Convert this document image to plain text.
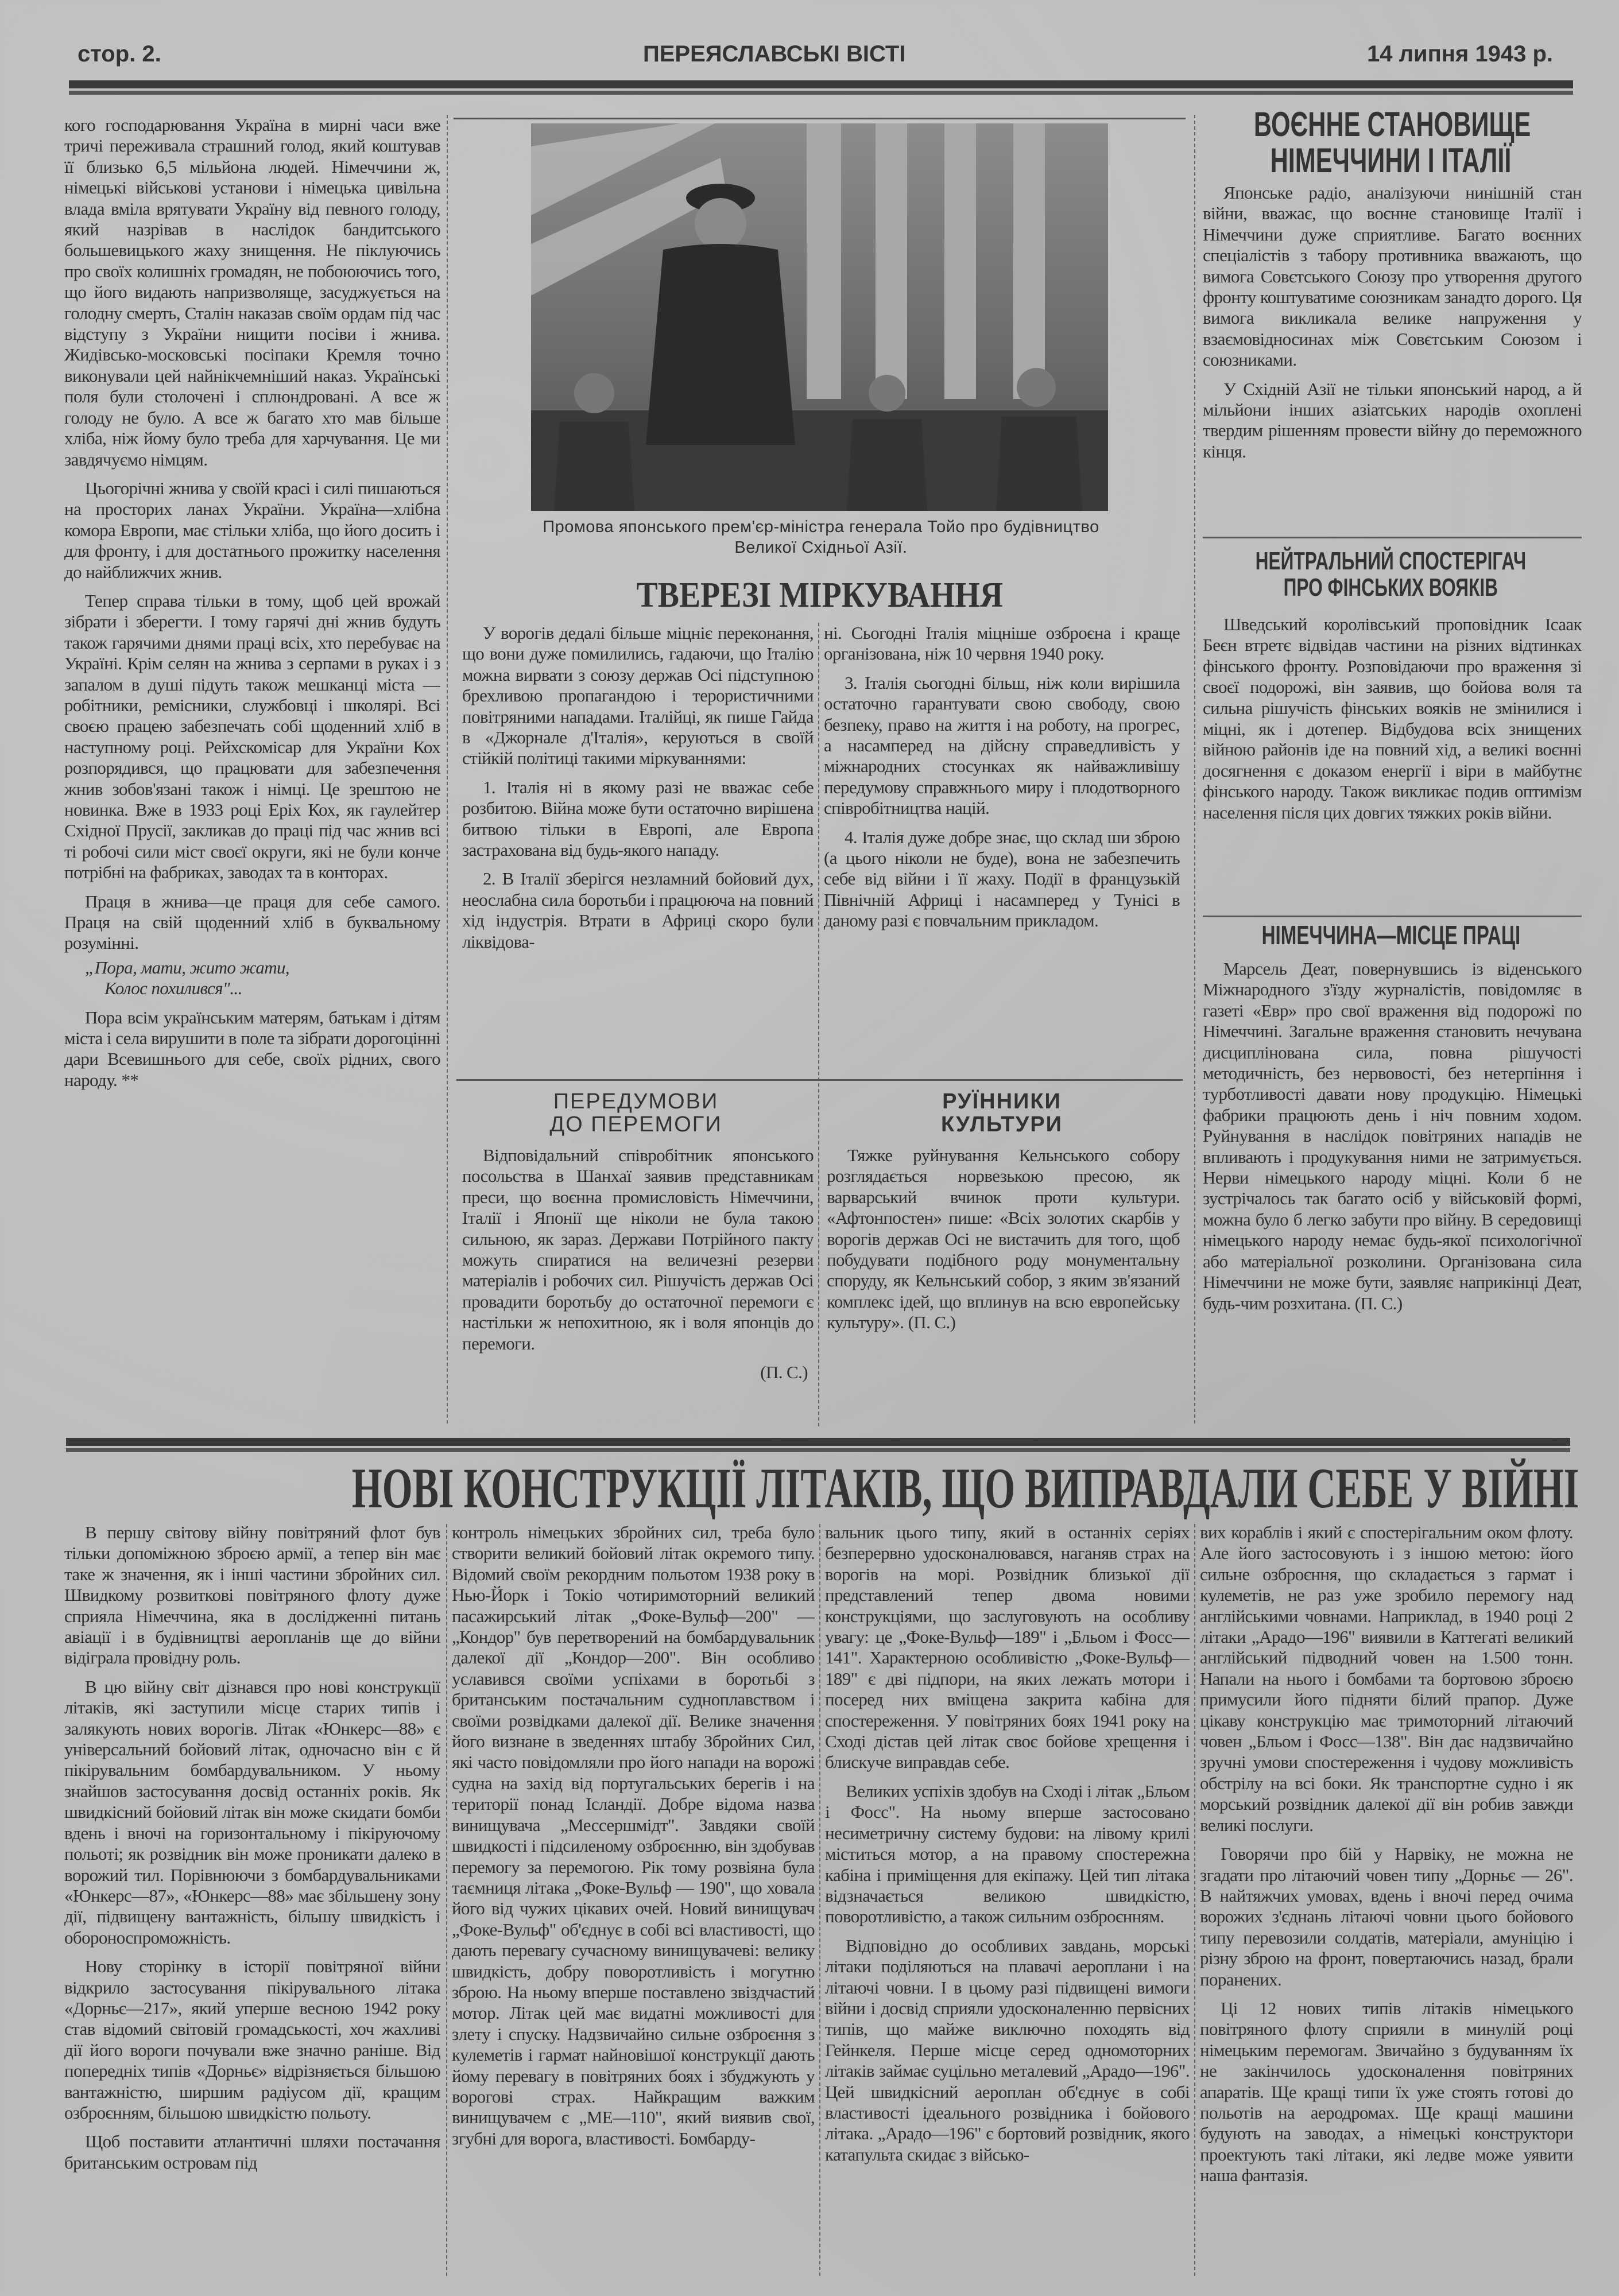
стор. 2.	ПЕРЕЯСЛАВСЬКІ ВІСТІ	14 липня 1943 р.

кого господарювання Україна в мирні часи вже тричі переживала страшний голод, який коштував її близько 6,5 мільйона людей. Німеччини ж, німецькі військові установи і німецька цивільна влада вміла врятувати Україну від певного голоду, який назрівав в наслідок бандитського большевицького жаху знищення. Не піклуючись про своїх колишніх громадян, не побоюючись того, що його видають напризволяще, засуджується на голодну смерть, Сталін наказав своїм ордам під час відступу з України нищити посіви і жнива. Жидівсько-московські посіпаки Кремля точно виконували цей найнікчемніший наказ. Українські поля були столочені і сплюндровані. А все ж голоду не було. А все ж багато хто мав більше хліба, ніж йому було треба для харчування. Це ми завдячуємо німцям.

Цьогорічні жнива у своїй красі і силі пишаються на просторих ланах України. Україна—хлібна комора Европи, має стільки хліба, що його досить і для фронту, і для достатнього прожитку населення до найближчих жнив.

Тепер справа тільки в тому, щоб цей врожай зібрати і зберегти. І тому гарячі дні жнив будуть також гарячими днями праці всіх, хто перебуває на Україні. Крім селян на жнива з серпами в руках і з запалом в душі підуть також мешканці міста — робітники, ремісники, службовці і школярі. Всі своєю працею забезпечать собі щоденний хліб в наступному році. Рейхскомісар для України Кох розпорядився, що працювати для забезпечення жнив зобов'язані також і німці. Це зрештою не новинка. Вже в 1933 році Еріх Кох, як гаулейтер Східної Прусії, закликав до праці під час жнив всі ті робочі сили міст своєї округи, які не були конче потрібні на фабриках, заводах та в конторах.

Праця в жнива—це праця для себе самого. Праця на свій щоденний хліб в буквальному розумінні.

„Пора, мати, жито жати,

Колос похилився"...

Пора всім українським матерям, батькам і дітям міста і села вирушити в поле та зібрати дорогоцінні дари Всевишнього для себе, своїх рідних, свого народу. **

Промова японського прем'єр-міністра генерала Тойо про будівництво Великої Східньої Азії.
ТВЕРЕЗІ МІРКУВАННЯ

У ворогів дедалі більше міцніє переконання, що вони дуже помилились, гадаючи, що Італію можна вирвати з союзу держав Осі підступною брехливою пропагандою і терористичними повітряними нападами. Італійці, як пише Гайда в «Джорнале д'Італія», керуються в своїй стійкій політиці такими міркуваннями:

1. Італія ні в якому разі не вважає себе розбитою. Війна може бути остаточно вирішена битвою тільки в Европі, але Европа застрахована від будь-якого нападу.

2. В Італії зберігся незламний бойовий дух, неослабна сила боротьби і працююча на повний хід індустрія. Втрати в Африці скоро були ліквідова-

ні. Сьогодні Італія міцніше озброєна і краще організована, ніж 10 червня 1940 року.

3. Італія сьогодні більш, ніж коли вирішила остаточно гарантувати свою свободу, свою безпеку, право на життя і на роботу, на прогрес, а насамперед на дійсну справедливість у міжнародних стосунках як найважливішу передумову справжнього миру і плодотворного співробітництва націй.

4. Італія дуже добре знає, що склад ши зброю (а цього ніколи не буде), вона не забезпечить себе від війни і її жаху. Події в французькій Північній Африці і насамперед у Тунісі в даному разі є повчальним прикладом.

ПЕРЕДУМОВИ
ДО ПЕРЕМОГИ

Відповідальний співробітник японського посольства в Шанхаї заявив представникам преси, що воєнна промисловість Німеччини, Італії і Японії ще ніколи не була такою сильною, як зараз. Держави Потрійного пакту можуть спиратися на величезні резерви матеріалів і робочих сил. Рішучість держав Осі провадити боротьбу до остаточної перемоги є настільки ж непохитною, як і воля японців до перемоги.

(П. С.)
РУЇННИКИ
КУЛЬТУРИ

Тяжке руйнування Кельнського собору розглядається норвезькою пресою, як варварський вчинок проти культури. «Афтонпостен» пише: «Всіх золотих скарбів у ворогів держав Осі не вистачить для того, щоб побудувати подібного роду монументальну споруду, як Кельнський собор, з яким зв'язаний комплекс ідей, що вплинув на всю европейську культуру». (П. С.)

ВОЄННЕ СТАНОВИЩЕ
НІМЕЧЧИНИ І ІТАЛІЇ

Японське радіо, аналізуючи нинішній стан війни, вважає, що воєнне становище Італії і Німеччини дуже сприятливе. Багато воєнних спеціалістів з табору противника вважають, що вимога Совєтського Союзу про утворення другого фронту коштуватиме союзникам занадто дорого. Ця вимога викликала велике напруження у взаємовідносинах між Совєтським Союзом і союзниками.

У Східній Азії не тільки японський народ, а й мільйони інших азіатських народів охоплені твердим рішенням провести війну до переможного кінця.

НЕЙТРАЛЬНИЙ СПОСТЕРІГАЧ
ПРО ФІНСЬКИХ ВОЯКІВ

Шведський королівський проповідник Ісаак Беєн втретє відвідав частини на різних відтинках фінського фронту. Розповідаючи про враження зі своєї подорожі, він заявив, що бойова воля та сильна рішучість фінських вояків не змінилися і міцні, як і дотепер. Відбудова всіх знищених війною районів іде на повний хід, а великі воєнні досягнення є доказом енергії і віри в майбутнє фінського народу. Також викликає подив оптимізм населення після цих довгих тяжких років війни.

НІМЕЧЧИНА—МІСЦЕ ПРАЦІ

Марсель Деат, повернувшись із віденського Міжнародного з'їзду журналістів, повідомляє в газеті «Евр» про свої враження від подорожі по Німеччині. Загальне враження становить нечувана дисциплінована сила, повна рішучості методичність, без нервовості, без нетерпіння і турботливості давати нову продукцію. Німецькі фабрики працюють день і ніч повним ходом. Руйнування в наслідок повітряних нападів не впливають і продукування ними не затримується. Нерви німецького народу міцні. Коли б не зустрічалось так багато осіб у військовій формі, можна було б легко забути про війну. В середовищі німецького народу немає будь-якої психологічної або матеріальної розколини. Організована сила Німеччини не може бути, заявляє наприкінці Деат, будь-чим розхитана. (П. С.)

НОВІ КОНСТРУКЦІЇ ЛІТАКІВ, ЩО ВИПРАВДАЛИ СЕБЕ У ВІЙНІ

В першу світову війну повітряний флот був тільки допоміжною зброєю армії, а тепер він має таке ж значення, як і інші частини збройних сил. Швидкому розвиткові повітряного флоту дуже сприяла Німеччина, яка в дослідженні питань авіації і в будівництві аеропланів ще до війни відіграла провідну роль.

В цю війну світ дізнався про нові конструкції літаків, які заступили місце старих типів і залякують нових ворогів. Літак «Юнкерс—88» є універсальний бойовий літак, одночасно він є й пікірувальним бомбардувальником. У ньому знайшов застосування досвід останніх років. Як швидкісний бойовий літак він може скидати бомби вдень і вночі на горизонтальному і пікіруючому польоті; як розвідник він може проникати далеко в ворожий тил. Порівнюючи з бомбардувальниками «Юнкерс—87», «Юнкерс—88» має збільшену зону дії, підвищену вантажність, більшу швидкість і обороноспроможність.

Нову сторінку в історії повітряної війни відкрило застосування пікірувального літака «Дорньє—217», який уперше весною 1942 року став відомий світовій громадськості, хоч жахливі дії його вороги почували вже значно раніше. Від попередніх типів «Дорньє» відрізняється більшою вантажністю, ширшим радіусом дії, кращим озброєнням, більшою швидкістю польоту.

Щоб поставити атлантичні шляхи постачання британським островам під

контроль німецьких збройних сил, треба було створити великий бойовий літак окремого типу. Відомий своїм рекордним польотом 1938 року в Нью-Йорк і Токіо чотиримоторний великий пасажирський літак „Фоке-Вульф—200" — „Кондор" був перетворений на бомбардувальник далекої дії „Кондор—200". Він особливо уславився своїми успіхами в боротьбі з британським постачальним судноплавством і своїми розвідками далекої дії. Велике значення його визнане в зведеннях штабу Збройних Сил, які часто повідомляли про його напади на ворожі судна на захід від португальських берегів і на території понад Ісландії. Добре відома назва винищувача „Мессершмідт". Завдяки своїй швидкості і підсиленому озброєнню, він здобував перемогу за перемогою. Рік тому розвіяна була таємниця літака „Фоке-Вульф — 190", що ховала його від чужих цікавих очей. Новий винищувач „Фоке-Вульф" об'єднує в собі всі властивості, що дають перевагу сучасному винищувачеві: велику швидкість, добру поворотливість і могутню зброю. На ньому вперше поставлено звіздчастий мотор. Літак цей має видатні можливості для злету і спуску. Надзвичайно сильне озброєння з кулеметів і гармат найновішої конструкції дають йому перевагу в повітряних боях і збуджують у ворогові страх. Найкращим важким винищувачем є „МЕ—110", який виявив свої, згубні для ворога, властивості. Бомбарду-

вальник цього типу, який в останніх серіях безперервно удосконалювався, наганяв страх на ворогів на морі. Розвідник близької дії представлений тепер двома новими конструкціями, що заслуговують на особливу увагу: це „Фоке-Вульф—189" і „Бльом і Фосс—141". Характерною особливістю „Фоке-Вульф—189" є дві підпори, на яких лежать мотори і посеред них вміщена закрита кабіна для спостереження. У повітряних боях 1941 року на Сході дістав цей літак своє бойове хрещення і блискуче виправдав себе.

Великих успіхів здобув на Сході і літак „Бльом і Фосс". На ньому вперше застосовано несиметричну систему будови: на лівому крилі міститься мотор, а на правому спостережна кабіна і приміщення для екіпажу. Цей тип літака відзначається великою швидкістю, поворотливістю, а також сильним озброєнням.

Відповідно до особливих завдань, морські літаки поділяються на плавачі аероплани і на літаючі човни. І в цьому разі підвищені вимоги війни і досвід сприяли удосконаленню первісних типів, що майже виключно походять від Гейнкеля. Перше місце серед одномоторних літаків займає суцільно металевий „Арадо—196". Цей швидкісний аероплан об'єднує в собі властивості ідеального розвідника і бойового літака. „Арадо—196" є бортовий розвідник, якого катапульта скидає з військо-

вих кораблів і який є спостерігальним оком флоту. Але його застосовують і з іншою метою: його сильне озброєння, що складається з гармат і кулеметів, не раз уже зробило перемогу над англійськими човнами. Наприклад, в 1940 році 2 літаки „Арадо—196" виявили в Каттегаті великий англійський підводний човен на 1.500 тонн. Напали на нього і бомбами та бортовою зброєю примусили його підняти білий прапор. Дуже цікаву конструкцію має тримоторний літаючий човен „Бльом і Фосс—138". Він дає надзвичайно зручні умови спостереження і чудову можливість обстрілу на всі боки. Як транспортне судно і як морський розвідник далекої дії він робив завжди великі послуги.

Говорячи про бій у Нарвіку, не можна не згадати про літаючий човен типу „Дорньє — 26". В найтяжчих умовах, вдень і вночі перед очима ворожих з'єднань літаючі човни цього бойового типу перевозили солдатів, матеріали, амуніцію і різну зброю на фронт, повертаючись назад, брали поранених.

Ці 12 нових типів літаків німецького повітряного флоту сприяли в минулій році німецьким перемогам. Звичайно з будуванням їх не закінчилось удосконалення повітряних апаратів. Ще кращі типи їх уже стоять готові до польотів на аеродромах. Ще кращі машини будують на заводах, а німецькі конструктори проектують такі літаки, які ледве може уявити наша фантазія.
